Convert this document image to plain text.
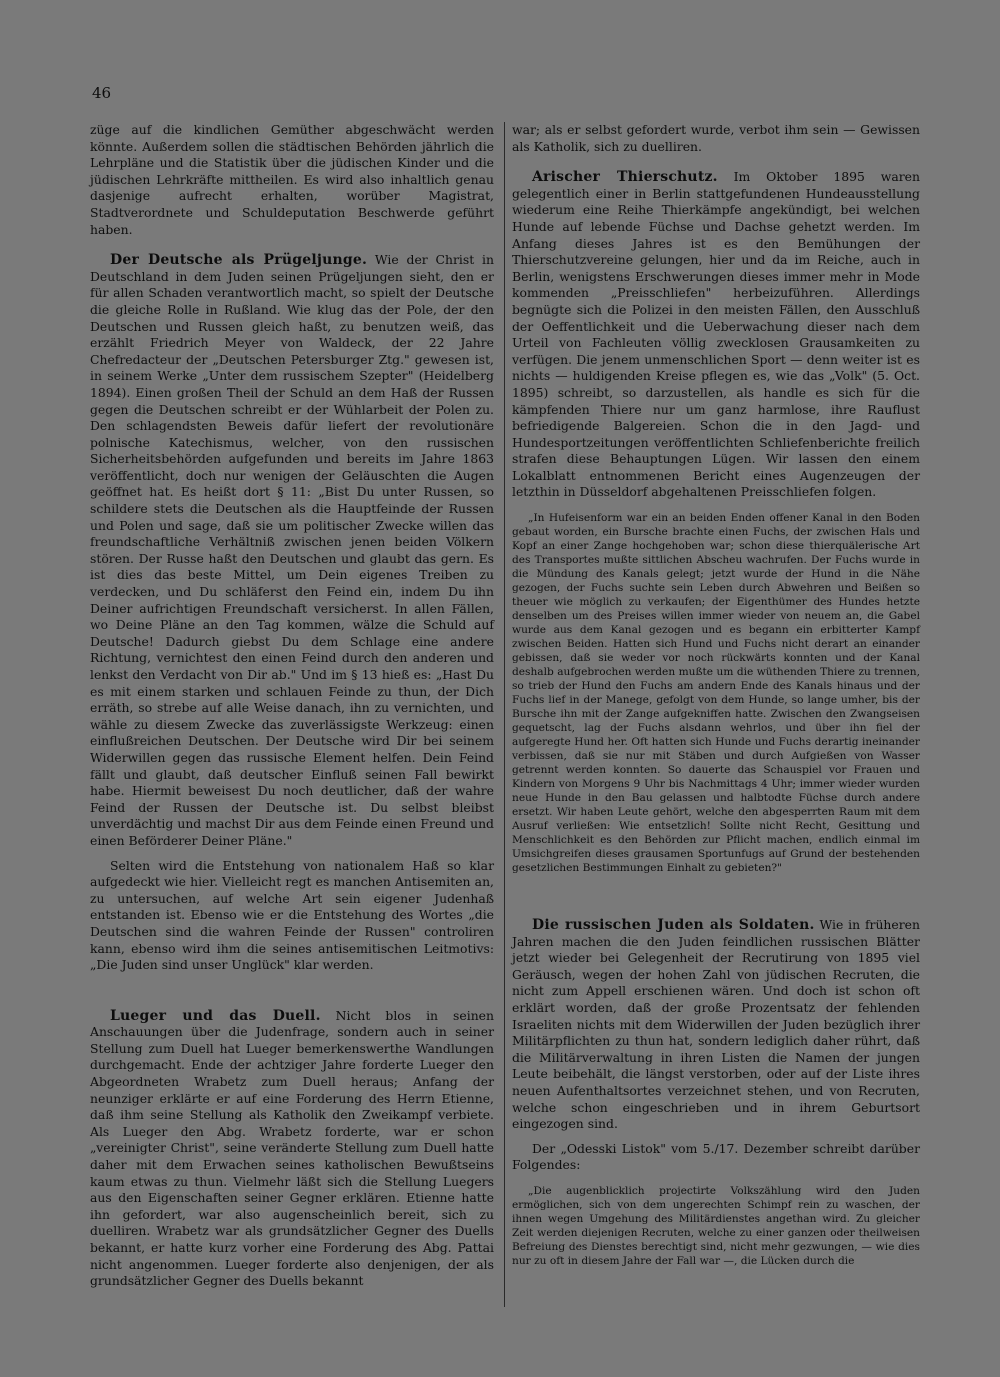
46

züge auf die kindlichen Gemüther abgeschwächt werden könnte. Außerdem sollen die städtischen Behörden jährlich die Lehrpläne und die Statistik über die jüdischen Kinder und die jüdischen Lehrkräfte mittheilen. Es wird also inhaltlich genau dasjenige aufrecht erhalten, worüber Magistrat, Stadtverordnete und Schuldeputation Beschwerde geführt haben.

Der Deutsche als Prügeljunge. Wie der Christ in Deutschland in dem Juden seinen Prügeljungen sieht, den er für allen Schaden verantwortlich macht, so spielt der Deutsche die gleiche Rolle in Rußland. Wie klug das der Pole, der den Deutschen und Russen gleich haßt, zu benutzen weiß, das erzählt Friedrich Meyer von Waldeck, der 22 Jahre Chefredacteur der „Deutschen Petersburger Ztg." gewesen ist, in seinem Werke „Unter dem russischem Szepter" (Heidelberg 1894). Einen großen Theil der Schuld an dem Haß der Russen gegen die Deutschen schreibt er der Wühlarbeit der Polen zu. Den schlagendsten Beweis dafür liefert der revolutionäre polnische Katechismus, welcher, von den russischen Sicherheitsbehörden aufgefunden und bereits im Jahre 1863 veröffentlicht, doch nur wenigen der Geläuschten die Augen geöffnet hat. Es heißt dort § 11: „Bist Du unter Russen, so schildere stets die Deutschen als die Hauptfeinde der Russen und Polen und sage, daß sie um politischer Zwecke willen das freundschaftliche Verhältniß zwischen jenen beiden Völkern stören. Der Russe haßt den Deutschen und glaubt das gern. Es ist dies das beste Mittel, um Dein eigenes Treiben zu verdecken, und Du schläferst den Feind ein, indem Du ihn Deiner aufrichtigen Freundschaft versicherst. In allen Fällen, wo Deine Pläne an den Tag kommen, wälze die Schuld auf Deutsche! Dadurch giebst Du dem Schlage eine andere Richtung, vernichtest den einen Feind durch den anderen und lenkst den Verdacht von Dir ab." Und im § 13 hieß es: „Hast Du es mit einem starken und schlauen Feinde zu thun, der Dich erräth, so strebe auf alle Weise danach, ihn zu vernichten, und wähle zu diesem Zwecke das zuverlässigste Werkzeug: einen einflußreichen Deutschen. Der Deutsche wird Dir bei seinem Widerwillen gegen das russische Element helfen. Dein Feind fällt und glaubt, daß deutscher Einfluß seinen Fall bewirkt habe. Hiermit beweisest Du noch deutlicher, daß der wahre Feind der Russen der Deutsche ist. Du selbst bleibst unverdächtig und machst Dir aus dem Feinde einen Freund und einen Beförderer Deiner Pläne."

Selten wird die Entstehung von nationalem Haß so klar aufgedeckt wie hier. Vielleicht regt es manchen Antisemiten an, zu untersuchen, auf welche Art sein eigener Judenhaß entstanden ist. Ebenso wie er die Entstehung des Wortes „die Deutschen sind die wahren Feinde der Russen" controliren kann, ebenso wird ihm die seines antisemitischen Leitmotivs: „Die Juden sind unser Unglück" klar werden.

Lueger und das Duell. Nicht blos in seinen Anschauungen über die Judenfrage, sondern auch in seiner Stellung zum Duell hat Lueger bemerkenswerthe Wandlungen durchgemacht. Ende der achtziger Jahre forderte Lueger den Abgeordneten Wrabetz zum Duell heraus; Anfang der neunziger erklärte er auf eine Forderung des Herrn Etienne, daß ihm seine Stellung als Katholik den Zweikampf verbiete. Als Lueger den Abg. Wrabetz forderte, war er schon „vereinigter Christ", seine veränderte Stellung zum Duell hatte daher mit dem Erwachen seines katholischen Bewußtseins kaum etwas zu thun. Vielmehr läßt sich die Stellung Luegers aus den Eigenschaften seiner Gegner erklären. Etienne hatte ihn gefordert, war also augenscheinlich bereit, sich zu duelliren. Wrabetz war als grundsätzlicher Gegner des Duells bekannt, er hatte kurz vorher eine Forderung des Abg. Pattai nicht angenommen. Lueger forderte also denjenigen, der als grundsätzlicher Gegner des Duells bekannt

war; als er selbst gefordert wurde, verbot ihm sein — Gewissen als Katholik, sich zu duelliren.

Arischer Thierschutz. Im Oktober 1895 waren gelegentlich einer in Berlin stattgefundenen Hundeausstellung wiederum eine Reihe Thierkämpfe angekündigt, bei welchen Hunde auf lebende Füchse und Dachse gehetzt werden. Im Anfang dieses Jahres ist es den Bemühungen der Thierschutzvereine gelungen, hier und da im Reiche, auch in Berlin, wenigstens Erschwerungen dieses immer mehr in Mode kommenden „Preisschliefen" herbeizuführen. Allerdings begnügte sich die Polizei in den meisten Fällen, den Ausschluß der Oeffentlichkeit und die Ueberwachung dieser nach dem Urteil von Fachleuten völlig zwecklosen Grausamkeiten zu verfügen. Die jenem unmenschlichen Sport — denn weiter ist es nichts — huldigenden Kreise pflegen es, wie das „Volk" (5. Oct. 1895) schreibt, so darzustellen, als handle es sich für die kämpfenden Thiere nur um ganz harmlose, ihre Rauflust befriedigende Balgereien. Schon die in den Jagd- und Hundesportzeitungen veröffentlichten Schliefenberichte freilich strafen diese Behauptungen Lügen. Wir lassen den einem Lokalblatt entnommenen Bericht eines Augenzeugen der letzthin in Düsseldorf abgehaltenen Preisschliefen folgen.

„In Hufeisenform war ein an beiden Enden offener Kanal in den Boden gebaut worden, ein Bursche brachte einen Fuchs, der zwischen Hals und Kopf an einer Zange hochgehoben war; schon diese thierquälerische Art des Transportes mußte sittlichen Abscheu wachrufen. Der Fuchs wurde in die Mündung des Kanals gelegt; jetzt wurde der Hund in die Nähe gezogen, der Fuchs suchte sein Leben durch Abwehren und Beißen so theuer wie möglich zu verkaufen; der Eigenthümer des Hundes hetzte denselben um des Preises willen immer wieder von neuem an, die Gabel wurde aus dem Kanal gezogen und es begann ein erbitterter Kampf zwischen Beiden. Hatten sich Hund und Fuchs nicht derart an einander gebissen, daß sie weder vor noch rückwärts konnten und der Kanal deshalb aufgebrochen werden mußte um die wüthenden Thiere zu trennen, so trieb der Hund den Fuchs am andern Ende des Kanals hinaus und der Fuchs lief in der Manege, gefolgt von dem Hunde, so lange umher, bis der Bursche ihn mit der Zange aufgekniffen hatte. Zwischen den Zwangseisen gequetscht, lag der Fuchs alsdann wehrlos, und über ihn fiel der aufgeregte Hund her. Oft hatten sich Hunde und Fuchs derartig ineinander verbissen, daß sie nur mit Stäben und durch Aufgießen von Wasser getrennt werden konnten. So dauerte das Schauspiel vor Frauen und Kindern von Morgens 9 Uhr bis Nachmittags 4 Uhr; immer wieder wurden neue Hunde in den Bau gelassen und halbtodte Füchse durch andere ersetzt. Wir haben Leute gehört, welche den abgesperrten Raum mit dem Ausruf verließen: Wie entsetzlich! Sollte nicht Recht, Gesittung und Menschlichkeit es den Behörden zur Pflicht machen, endlich einmal im Umsichgreifen dieses grausamen Sportunfugs auf Grund der bestehenden gesetzlichen Bestimmungen Einhalt zu gebieten?"

Die russischen Juden als Soldaten. Wie in früheren Jahren machen die den Juden feindlichen russischen Blätter jetzt wieder bei Gelegenheit der Recrutirung von 1895 viel Geräusch, wegen der hohen Zahl von jüdischen Recruten, die nicht zum Appell erschienen wären. Und doch ist schon oft erklärt worden, daß der große Prozentsatz der fehlenden Israeliten nichts mit dem Widerwillen der Juden bezüglich ihrer Militärpflichten zu thun hat, sondern lediglich daher rührt, daß die Militärverwaltung in ihren Listen die Namen der jungen Leute beibehält, die längst verstorben, oder auf der Liste ihres neuen Aufenthaltsortes verzeichnet stehen, und von Recruten, welche schon eingeschrieben und in ihrem Geburtsort eingezogen sind.

Der „Odesski Listok" vom 5./17. Dezember schreibt darüber Folgendes:

„Die augenblicklich projectirte Volkszählung wird den Juden ermöglichen, sich von dem ungerechten Schimpf rein zu waschen, der ihnen wegen Umgehung des Militärdienstes angethan wird. Zu gleicher Zeit werden diejenigen Recruten, welche zu einer ganzen oder theilweisen Befreiung des Dienstes berechtigt sind, nicht mehr gezwungen, — wie dies nur zu oft in diesem Jahre der Fall war —, die Lücken durch die
